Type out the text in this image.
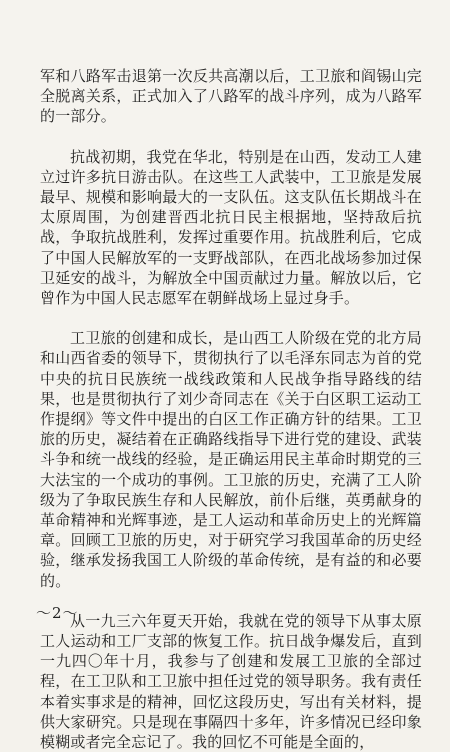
军和八路军击退第一次反共高潮以后，工卫旅和阎锡山完全脱离关系，正式加入了八路军的战斗序列，成为八路军的一部分。

抗战初期，我党在华北，特别是在山西，发动工人建立过许多抗日游击队。在这些工人武装中，工卫旅是发展最早、规模和影响最大的一支队伍。这支队伍长期战斗在太原周围，为创建晋西北抗日民主根据地，坚持敌后抗战，争取抗战胜利，发挥过重要作用。抗战胜利后，它成了中国人民解放军的一支野战部队，在西北战场参加过保卫延安的战斗，为解放全中国贡献过力量。解放以后，它曾作为中国人民志愿军在朝鲜战场上显过身手。

工卫旅的创建和成长，是山西工人阶级在党的北方局和山西省委的领导下，贯彻执行了以毛泽东同志为首的党中央的抗日民族统一战线政策和人民战争指导路线的结果，也是贯彻执行了刘少奇同志在《关于白区职工运动工作提纲》等文件中提出的白区工作正确方针的结果。工卫旅的历史，凝结着在正确路线指导下进行党的建设、武装斗争和统一战线的经验，是正确运用民主革命时期党的三大法宝的一个成功的事例。工卫旅的历史，充满了工人阶级为了争取民族生存和人民解放，前仆后继，英勇献身的革命精神和光辉事迹，是工人运动和革命历史上的光辉篇章。回顾工卫旅的历史，对于研究学习我国革命的历史经验，继承发扬我国工人阶级的革命传统，是有益的和必要的。

从一九三六年夏天开始，我就在党的领导下从事太原工人运动和工厂支部的恢复工作。抗日战争爆发后，直到一九四〇年十月，我参与了创建和发展工卫旅的全部过程，在工卫队和工卫旅中担任过党的领导职务。我有责任本着实事求是的精神，回忆这段历史，写出有关材料，提供大家研究。只是现在事隔四十多年，许多情况已经印象模糊或者完全忘记了。我的回忆不可能是全面的，

～2～
